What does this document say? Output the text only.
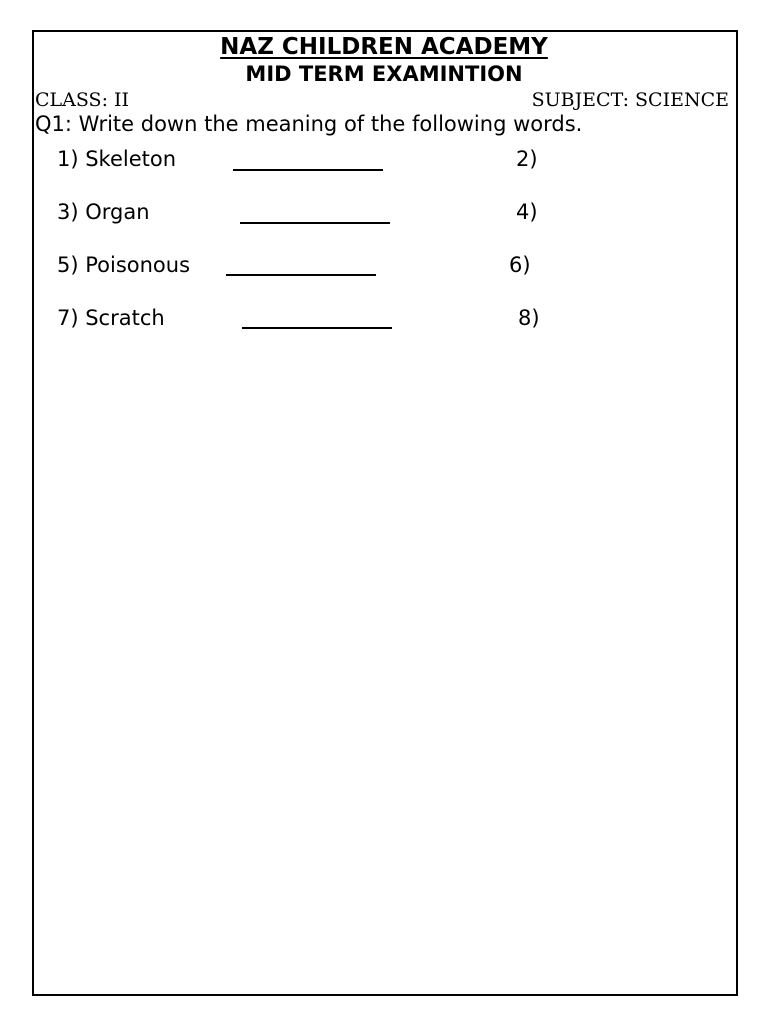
NAZ CHILDREN ACADEMY
MID TERM EXAMINTION
CLASS: II	SUBJECT: SCIENCE
Q1: Write down the meaning of the following words.
1) Skeleton	2)
3) Organ	4)
5) Poisonous	6)
7) Scratch	8)
